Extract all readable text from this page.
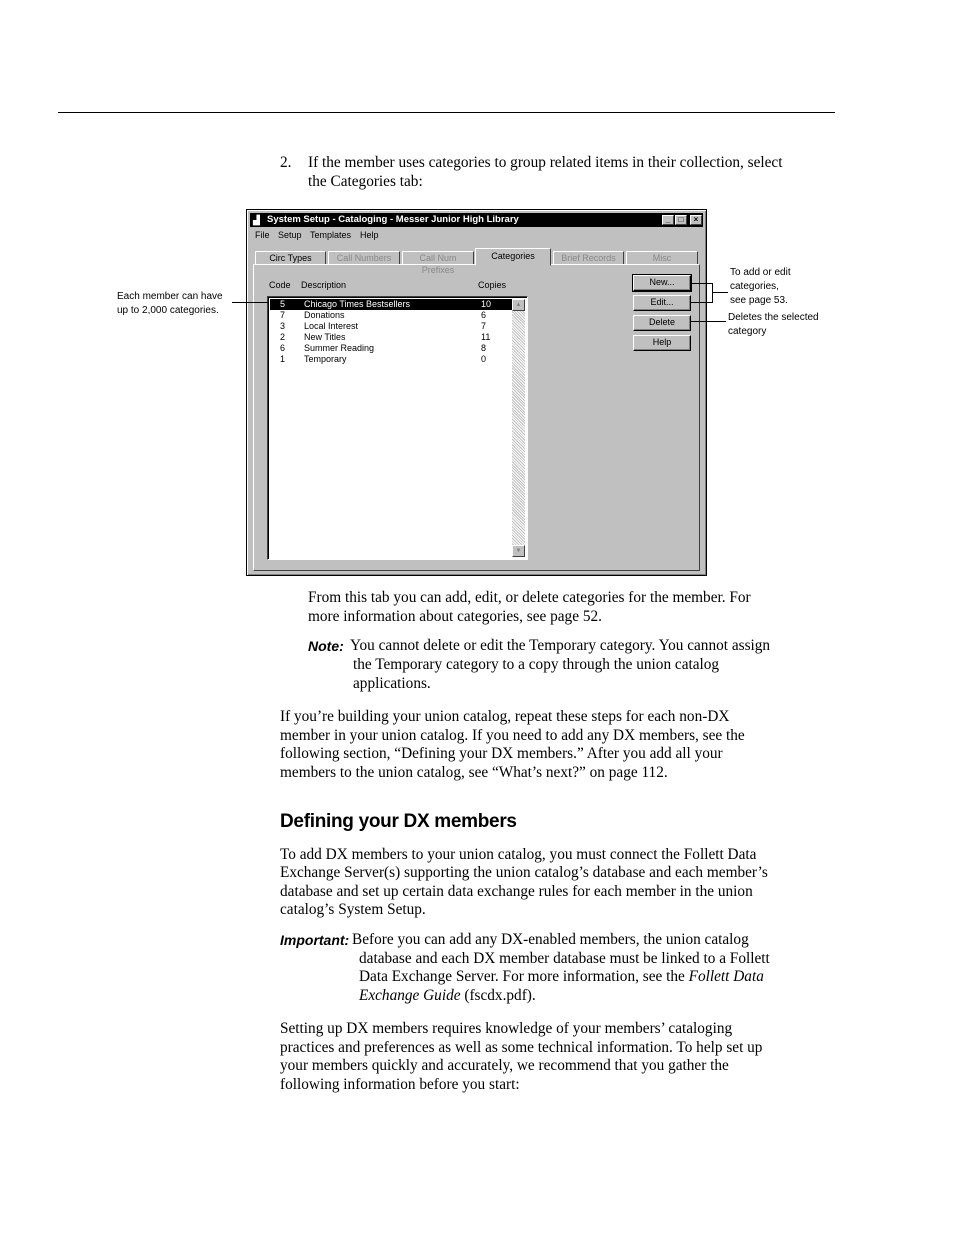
2. If the member uses categories to group related items in their collection, select
the Categories tab:
▟ System Setup - Cataloging - Messer Junior High Library	_	□	×
File Setup Templates Help
Circ Types	Call Numbers	Call Num Prefixes
Categories	Brief Records	Misc
Code Description	Copies
5 Chicago Times Bestsellers	10
7 Donations	6
3 Local Interest	7
2 New Titles	11
6 Summer Reading	8
1 Temporary	0
▲
▼
New...
Edit...
Delete
Help
Each member can have
up to 2,000 categories.
To add or edit
categories,
see page 53.
Deletes the selected
category
From this tab you can add, edit, or delete categories for the member. For
more information about categories, see page 52.
Note: You cannot delete or edit the Temporary category. You cannot assign
the Temporary category to a copy through the union catalog
applications.
If you’re building your union catalog, repeat these steps for each non-DX
member in your union catalog. If you need to add any DX members, see the
following section, “Defining your DX members.” After you add all your
members to the union catalog, see “What’s next?” on page 112.
Defining your DX members
To add DX members to your union catalog, you must connect the Follett Data
Exchange Server(s) supporting the union catalog’s database and each member’s
database and set up certain data exchange rules for each member in the union
catalog’s System Setup.
Important: Before you can add any DX-enabled members, the union catalog
database and each DX member database must be linked to a Follett
Data Exchange Server. For more information, see the Follett Data
Exchange Guide (fscdx.pdf).
Setting up DX members requires knowledge of your members’ cataloging
practices and preferences as well as some technical information. To help set up
your members quickly and accurately, we recommend that you gather the
following information before you start:
